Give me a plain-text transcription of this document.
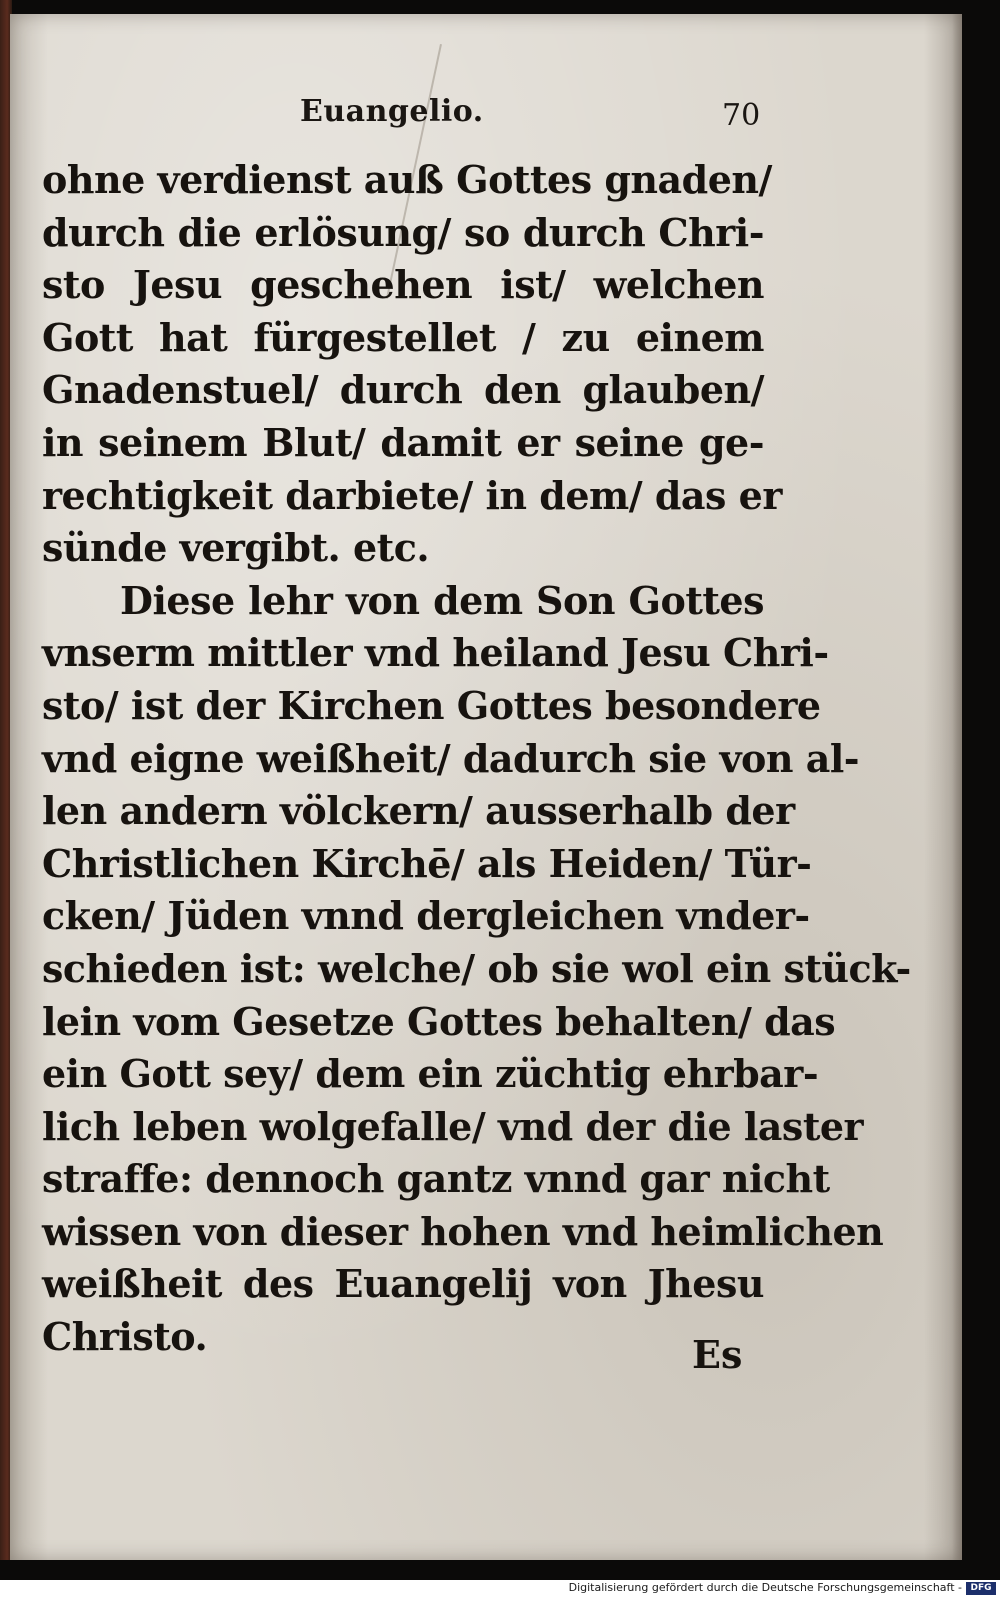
Euangelio.	70
ohne verdienst auß Gottes gnaden/
durch die erlösung/ so durch Chri-
sto Jesu geschehen ist/ welchen
Gott hat fürgestellet / zu einem
Gnadenstuel/ durch den glauben/
in seinem Blut/ damit er seine ge-
rechtigkeit darbiete/ in dem/ das er
sünde vergibt. etc.
Diese lehr von dem Son Gottes
vnserm mittler vnd heiland Jesu Chri-
sto/ ist der Kirchen Gottes besondere
vnd eigne weißheit/ dadurch sie von al-
len andern völckern/ ausserhalb der
Christlichen Kirchē/ als Heiden/ Tür-
cken/ Jüden vnnd dergleichen vnder-
schieden ist: welche/ ob sie wol ein stück-
lein vom Gesetze Gottes behalten/ das
ein Gott sey/ dem ein züchtig ehrbar-
lich leben wolgefalle/ vnd der die laster
straffe: dennoch gantz vnnd gar nicht
wissen von dieser hohen vnd heimlichen
weißheit des Euangelij von Jhesu
Christo.	Es
Digitalisierung gefördert durch die Deutsche Forschungsgemeinschaft - DFG
